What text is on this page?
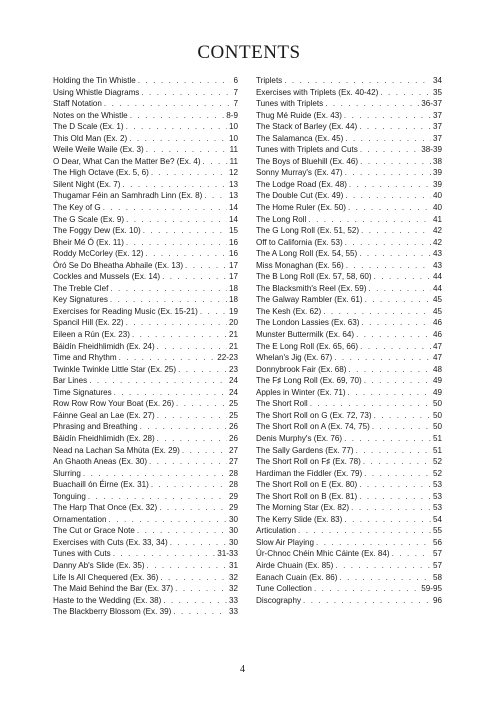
CONTENTS
Holding the Tin Whistle . . .	6
Using Whistle Diagrams . . .	7
Staff Notation . . .	7
Notes on the Whistle . . .	8-9
The D Scale (Ex. 1) . . .	10
This Old Man (Ex. 2) . . .	10
Weile Weile Waile (Ex. 3) . . .	11
O Dear, What Can the Matter Be? (Ex. 4) . . .	11
The High Octave (Ex. 5, 6) . . .	12
Silent Night (Ex. 7) . . .	13
Thugamar Féin an Samhradh Linn (Ex. 8) . . .	13
The Key of G . . .	14
The G Scale (Ex. 9) . . .	14
The Foggy Dew (Ex. 10) . . .	15
Bheir Mé Ó (Ex. 11) . . .	16
Roddy McCorley (Ex. 12) . . .	16
Óró Se Do Bheatha Abhaile (Ex. 13) . . .	17
Cockles and Mussels (Ex. 14) . . .	17
The Treble Clef . . .	18
Key Signatures . . .	18
Exercises for Reading Music (Ex. 15-21) . . .	19
Spancil Hill (Ex. 22) . . .	20
Eileen a Rún (Ex. 23) . . .	21
Báidín Fheidhlimidh (Ex. 24) . . .	21
Time and Rhythm . . .	22-23
Twinkle Twinkle Little Star (Ex. 25) . . .	23
Bar Lines . . .	24
Time Signatures . . .	24
Row Row Row Your Boat (Ex. 26) . . .	25
Fáinne Geal an Lae (Ex. 27) . . .	25
Phrasing and Breathing . . .	26
Báidín Fheidhlimidh (Ex. 28) . . .	26
Nead na Lachan Sa Mhúta (Ex. 29) . . .	27
An Ghaoth Aneas (Ex. 30) . . .	27
Slurring . . .	28
Buachaill ón Éirne (Ex. 31) . . .	28
Tonguing . . .	29
The Harp That Once (Ex. 32) . . .	29
Ornamentation . . .	30
The Cut or Grace Note . . .	30
Exercises with Cuts (Ex. 33, 34) . . .	30
Tunes with Cuts . . .	31-33
Danny Ab's Slide (Ex. 35) . . .	31
Life Is All Chequered (Ex. 36) . . .	32
The Maid Behind the Bar (Ex. 37) . . .	32
Haste to the Wedding (Ex. 38) . . .	33
The Blackberry Blossom (Ex. 39) . . .	33
Triplets . . .	34
Exercises with Triplets (Ex. 40-42) . . .	35
Tunes with Triplets . . .	36-37
Thug Mé Ruide (Ex. 43) . . .	37
The Stack of Barley (Ex. 44) . . .	37
The Salamanca (Ex. 45) . . .	37
Tunes with Triplets and Cuts . . .	38-39
The Boys of Bluehill (Ex. 46) . . .	38
Sonny Murray's (Ex. 47) . . .	39
The Lodge Road (Ex. 48) . . .	39
The Double Cut (Ex. 49) . . .	40
The Home Ruler (Ex. 50) . . .	40
The Long Roll . . .	41
The G Long Roll (Ex. 51, 52) . . .	42
Off to California (Ex. 53) . . .	42
The A Long Roll (Ex. 54, 55) . . .	43
Miss Monaghan (Ex. 56) . . .	43
The B Long Roll (Ex. 57, 58, 60) . . .	44
The Blacksmith's Reel (Ex. 59) . . .	44
The Galway Rambler (Ex. 61) . . .	45
The Kesh (Ex. 62) . . .	45
The London Lassies (Ex. 63) . . .	46
Munster Buttermilk (Ex. 64) . . .	46
The E Long Roll (Ex. 65, 66) . . .	47
Whelan's Jig (Ex. 67) . . .	47
Donnybrook Fair (Ex. 68) . . .	48
The F♯ Long Roll (Ex. 69, 70) . . .	49
Apples in Winter (Ex. 71) . . .	49
The Short Roll . . .	50
The Short Roll on G (Ex. 72, 73) . . .	50
The Short Roll on A (Ex. 74, 75) . . .	50
Denis Murphy's (Ex. 76) . . .	51
The Sally Gardens (Ex. 77) . . .	51
The Short Roll on F♯ (Ex. 78) . . .	52
Hardiman the Fiddler (Ex. 79) . . .	52
The Short Roll on E (Ex. 80) . . .	53
The Short Roll on B (Ex. 81) . . .	53
The Morning Star (Ex. 82) . . .	53
The Kerry Slide (Ex. 83) . . .	54
Articulation . . .	55
Slow Air Playing . . .	56
Úr-Chnoc Chéin Mhic Cáinte (Ex. 84) . . .	57
Airde Chuain (Ex. 85) . . .	57
Eanach Cuain (Ex. 86) . . .	58
Tune Collection . . .	59-95
Discography . . .	96
4
